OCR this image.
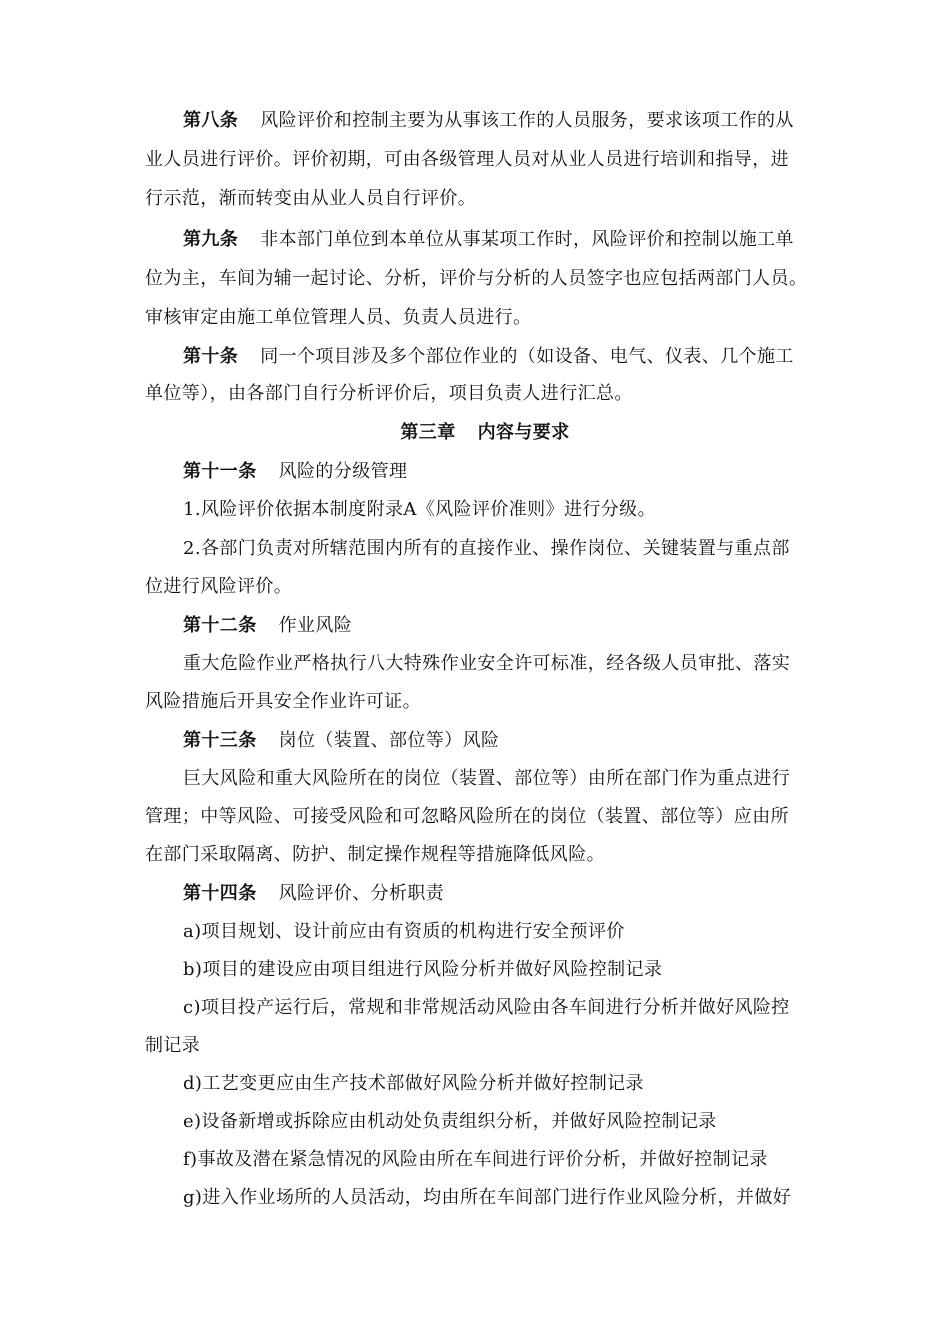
第八条 风险评价和控制主要为从事该工作的人员服务，要求该项工作的从
业人员进行评价。评价初期，可由各级管理人员对从业人员进行培训和指导，进
行示范，渐而转变由从业人员自行评价。
第九条 非本部门单位到本单位从事某项工作时，风险评价和控制以施工单
位为主，车间为辅一起讨论、分析，评价与分析的人员签字也应包括两部门人员。
审核审定由施工单位管理人员、负责人员进行。
第十条 同一个项目涉及多个部位作业的（如设备、电气、仪表、几个施工
单位等），由各部门自行分析评价后，项目负责人进行汇总。
第三章 内容与要求
第十一条 风险的分级管理
1.风险评价依据本制度附录A《风险评价准则》进行分级。
2.各部门负责对所辖范围内所有的直接作业、操作岗位、关键装置与重点部
位进行风险评价。
第十二条 作业风险
重大危险作业严格执行八大特殊作业安全许可标准，经各级人员审批、落实
风险措施后开具安全作业许可证。
第十三条 岗位（装置、部位等）风险
巨大风险和重大风险所在的岗位（装置、部位等）由所在部门作为重点进行
管理；中等风险、可接受风险和可忽略风险所在的岗位（装置、部位等）应由所
在部门采取隔离、防护、制定操作规程等措施降低风险。
第十四条 风险评价、分析职责
a)项目规划、设计前应由有资质的机构进行安全预评价
b)项目的建设应由项目组进行风险分析并做好风险控制记录
c)项目投产运行后，常规和非常规活动风险由各车间进行分析并做好风险控
制记录
d)工艺变更应由生产技术部做好风险分析并做好控制记录
e)设备新增或拆除应由机动处负责组织分析，并做好风险控制记录
f)事故及潜在紧急情况的风险由所在车间进行评价分析，并做好控制记录
g)进入作业场所的人员活动，均由所在车间部门进行作业风险分析，并做好
